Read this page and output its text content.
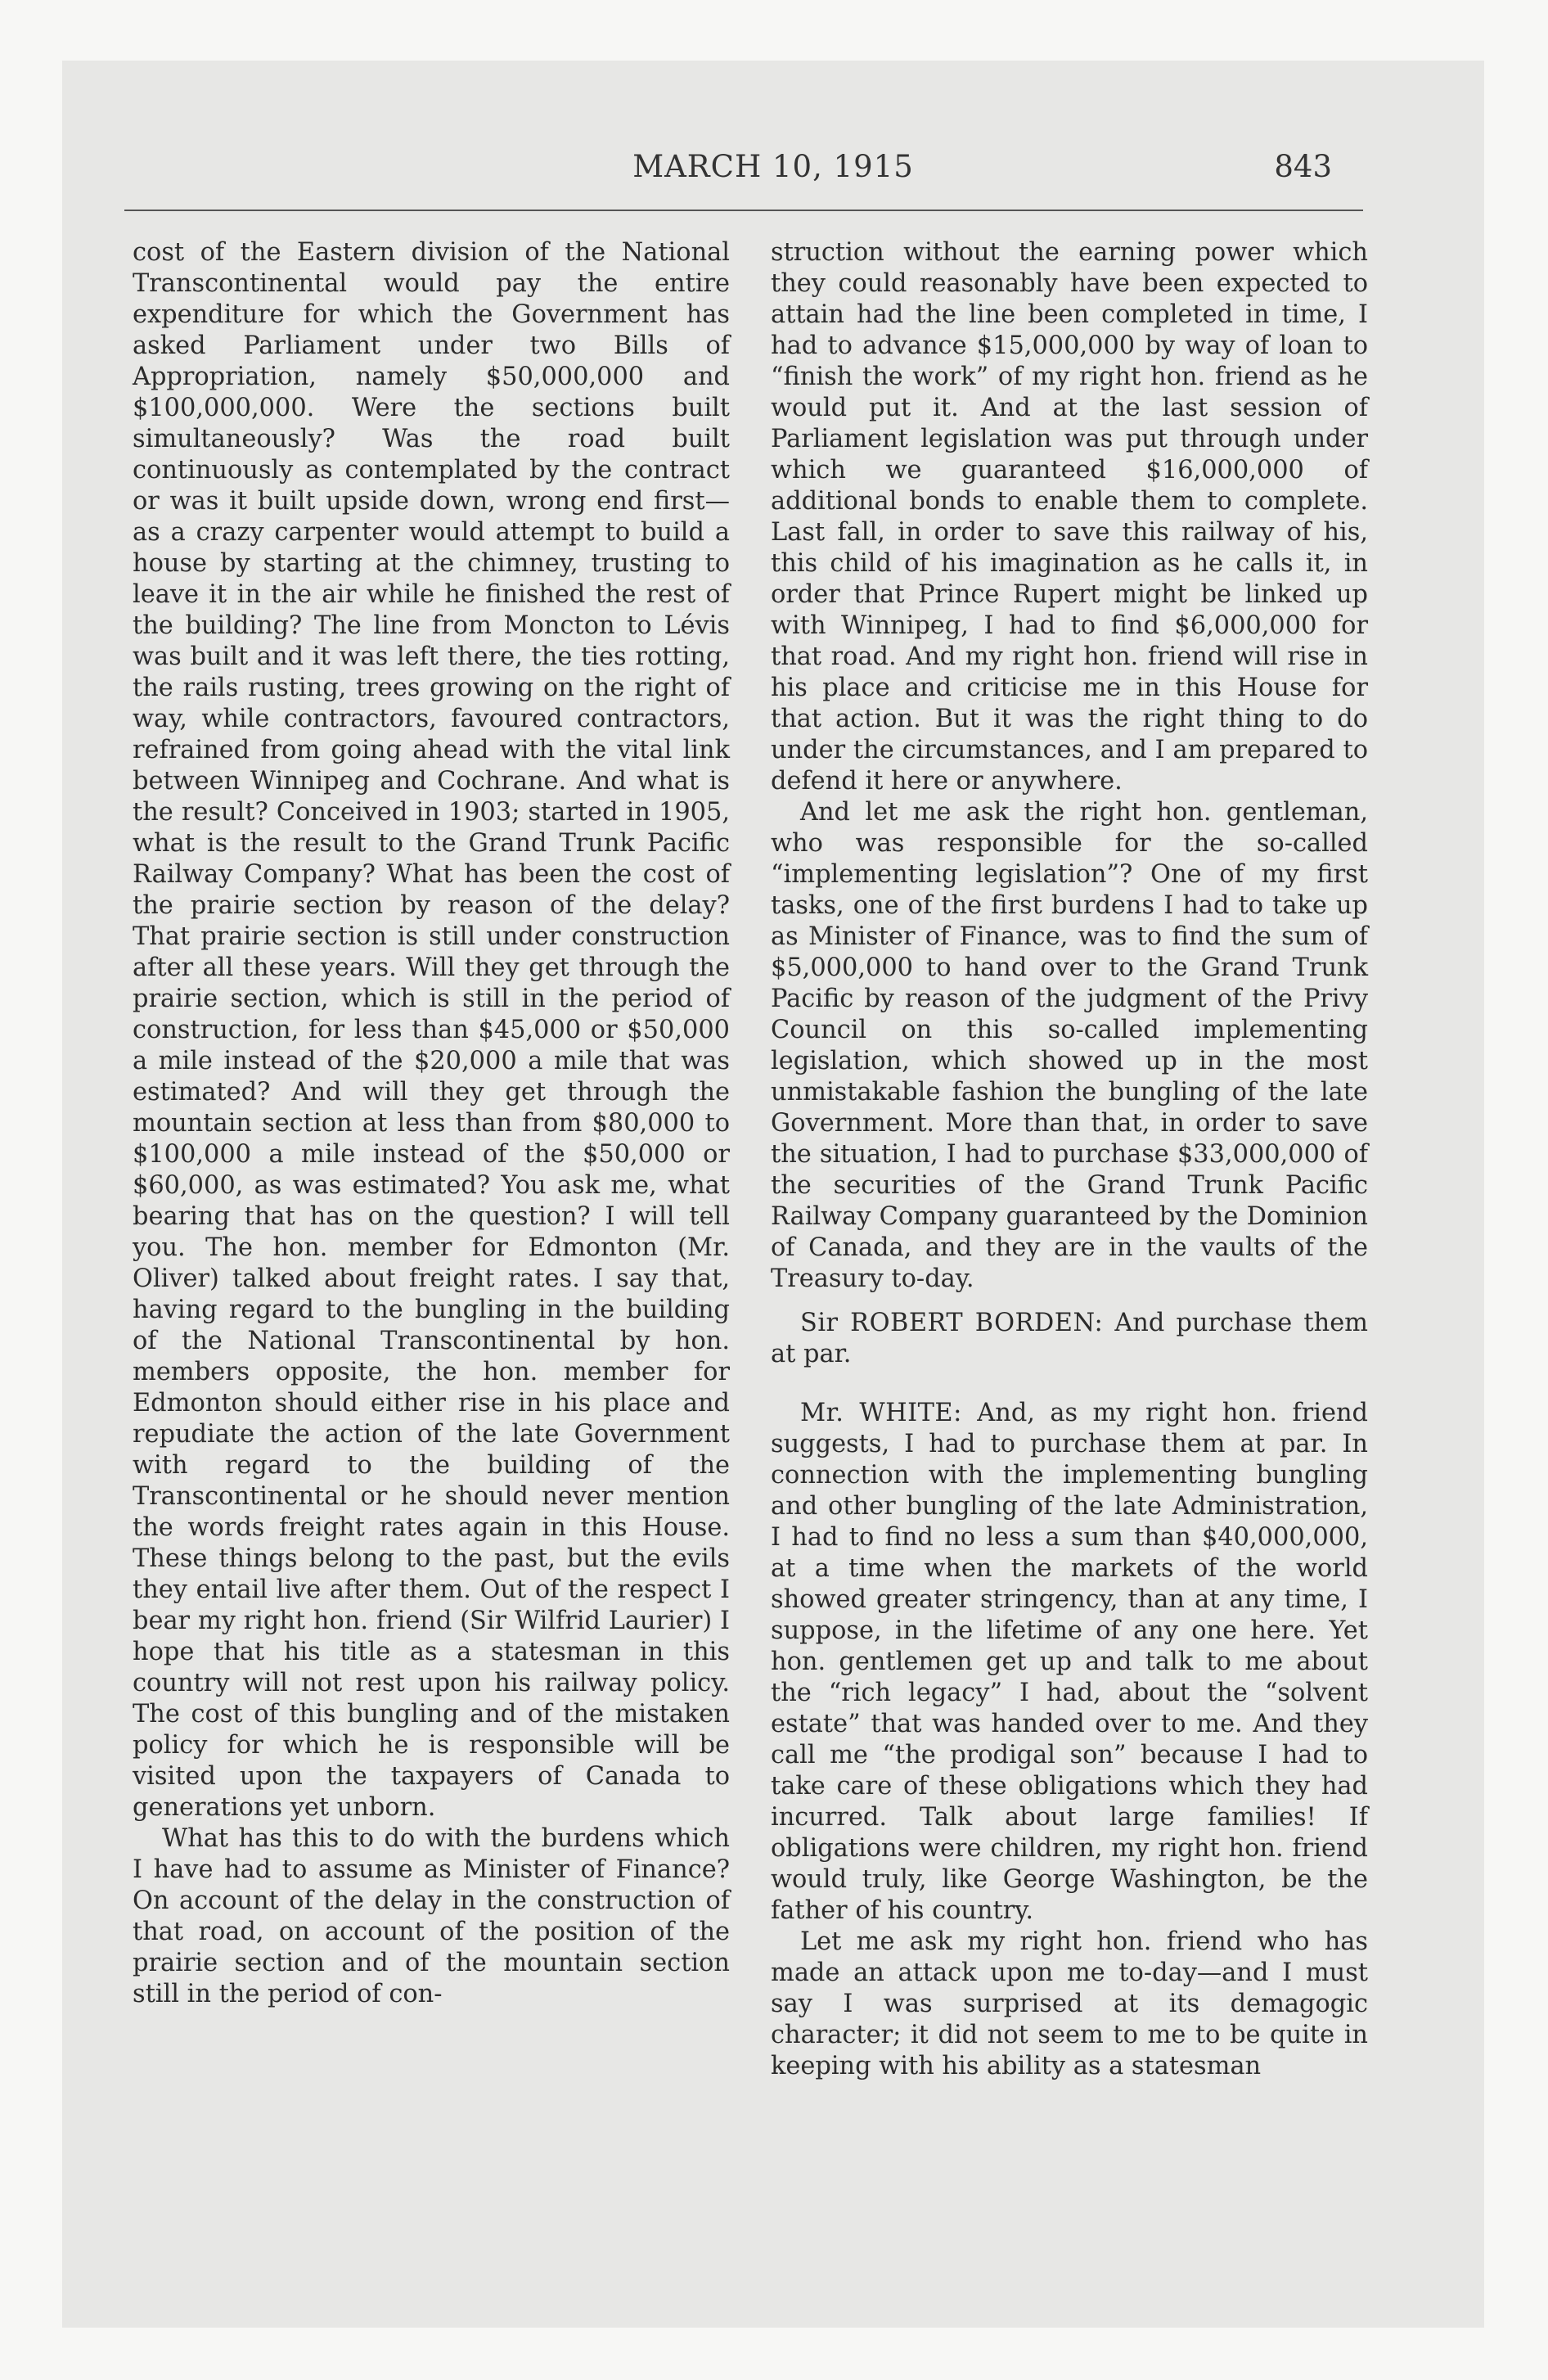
MARCH 10, 1915	843

cost of the Eastern division of the National Transcontinental would pay the entire expenditure for which the Government has asked Parliament under two Bills of Appropriation, namely $50,000,000 and $100,000,000. Were the sections built simultaneously? Was the road built continuously as contemplated by the contract or was it built upside down, wrong end first—as a crazy carpenter would attempt to build a house by starting at the chimney, trusting to leave it in the air while he finished the rest of the building? The line from Moncton to Lévis was built and it was left there, the ties rotting, the rails rusting, trees growing on the right of way, while contractors, favoured contractors, refrained from going ahead with the vital link between Winnipeg and Cochrane. And what is the result? Conceived in 1903; started in 1905, what is the result to the Grand Trunk Pacific Railway Company? What has been the cost of the prairie section by reason of the delay? That prairie section is still under construction after all these years. Will they get through the prairie section, which is still in the period of construction, for less than $45,000 or $50,000 a mile instead of the $20,000 a mile that was estimated? And will they get through the mountain section at less than from $80,000 to $100,000 a mile instead of the $50,000 or $60,000, as was estimated? You ask me, what bearing that has on the question? I will tell you. The hon. member for Edmonton (Mr. Oliver) talked about freight rates. I say that, having regard to the bungling in the building of the National Transcontinental by hon. members opposite, the hon. member for Edmonton should either rise in his place and repudiate the action of the late Government with regard to the building of the Transcontinental or he should never mention the words freight rates again in this House. These things belong to the past, but the evils they entail live after them. Out of the respect I bear my right hon. friend (Sir Wilfrid Laurier) I hope that his title as a statesman in this country will not rest upon his railway policy. The cost of this bungling and of the mistaken policy for which he is responsible will be visited upon the taxpayers of Canada to generations yet unborn.

What has this to do with the burdens which I have had to assume as Minister of Finance? On account of the delay in the construction of that road, on account of the position of the prairie section and of the mountain section still in the period of con-

struction without the earning power which they could reasonably have been expected to attain had the line been completed in time, I had to advance $15,000,000 by way of loan to “finish the work” of my right hon. friend as he would put it. And at the last session of Parliament legislation was put through under which we guaranteed $16,000,000 of additional bonds to enable them to complete. Last fall, in order to save this railway of his, this child of his imagination as he calls it, in order that Prince Rupert might be linked up with Winnipeg, I had to find $6,000,000 for that road. And my right hon. friend will rise in his place and criticise me in this House for that action. But it was the right thing to do under the circumstances, and I am prepared to defend it here or anywhere.

And let me ask the right hon. gentleman, who was responsible for the so-called “implementing legislation”? One of my first tasks, one of the first burdens I had to take up as Minister of Finance, was to find the sum of $5,000,000 to hand over to the Grand Trunk Pacific by reason of the judgment of the Privy Council on this so-called implementing legislation, which showed up in the most unmistakable fashion the bungling of the late Government. More than that, in order to save the situation, I had to purchase $33,000,000 of the securities of the Grand Trunk Pacific Railway Company guaranteed by the Dominion of Canada, and they are in the vaults of the Treasury to-day.

Sir ROBERT BORDEN: And purchase them at par.

Mr. WHITE: And, as my right hon. friend suggests, I had to purchase them at par. In connection with the implementing bungling and other bungling of the late Administration, I had to find no less a sum than $40,000,000, at a time when the markets of the world showed greater stringency, than at any time, I suppose, in the lifetime of any one here. Yet hon. gentlemen get up and talk to me about the “rich legacy” I had, about the “solvent estate” that was handed over to me. And they call me “the prodigal son” because I had to take care of these obligations which they had incurred. Talk about large families! If obligations were children, my right hon. friend would truly, like George Washington, be the father of his country.

Let me ask my right hon. friend who has made an attack upon me to-day—and I must say I was surprised at its demagogic character; it did not seem to me to be quite in keeping with his ability as a statesman
